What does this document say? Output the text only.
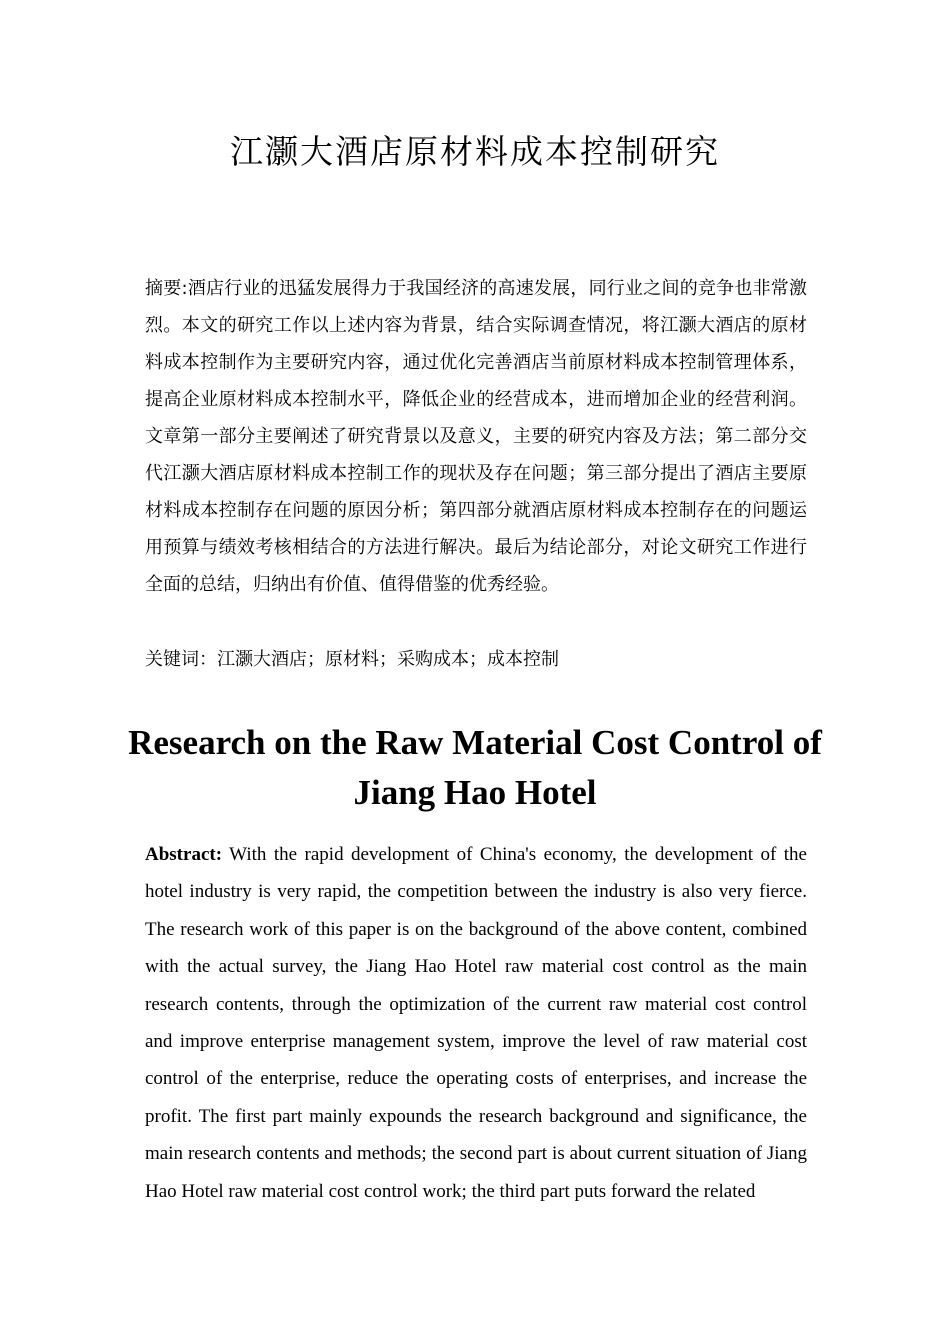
江灏大酒店原材料成本控制研究

摘要:酒店行业的迅猛发展得力于我国经济的高速发展，同行业之间的竞争也非常激烈。本文的研究工作以上述内容为背景，结合实际调查情况，将江灏大酒店的原材料成本控制作为主要研究内容，通过优化完善酒店当前原材料成本控制管理体系，提高企业原材料成本控制水平，降低企业的经营成本，进而增加企业的经营利润。文章第一部分主要阐述了研究背景以及意义，主要的研究内容及方法；第二部分交代江灏大酒店原材料成本控制工作的现状及存在问题；第三部分提出了酒店主要原材料成本控制存在问题的原因分析；第四部分就酒店原材料成本控制存在的问题运用预算与绩效考核相结合的方法进行解决。最后为结论部分，对论文研究工作进行全面的总结，归纳出有价值、值得借鉴的优秀经验。

关键词：江灏大酒店；原材料；采购成本；成本控制

Research on the Raw Material Cost Control of Jiang Hao Hotel

Abstract: With the rapid development of China's economy, the development of the hotel industry is very rapid, the competition between the industry is also very fierce. The research work of this paper is on the background of the above content, combined with the actual survey, the Jiang Hao Hotel raw material cost control as the main research contents, through the optimization of the current raw material cost control and improve enterprise management system, improve the level of raw material cost control of the enterprise, reduce the operating costs of enterprises, and increase the profit. The first part mainly expounds the research background and significance, the main research contents and methods; the second part is about current situation of Jiang Hao Hotel raw material cost control work; the third part puts forward the related
